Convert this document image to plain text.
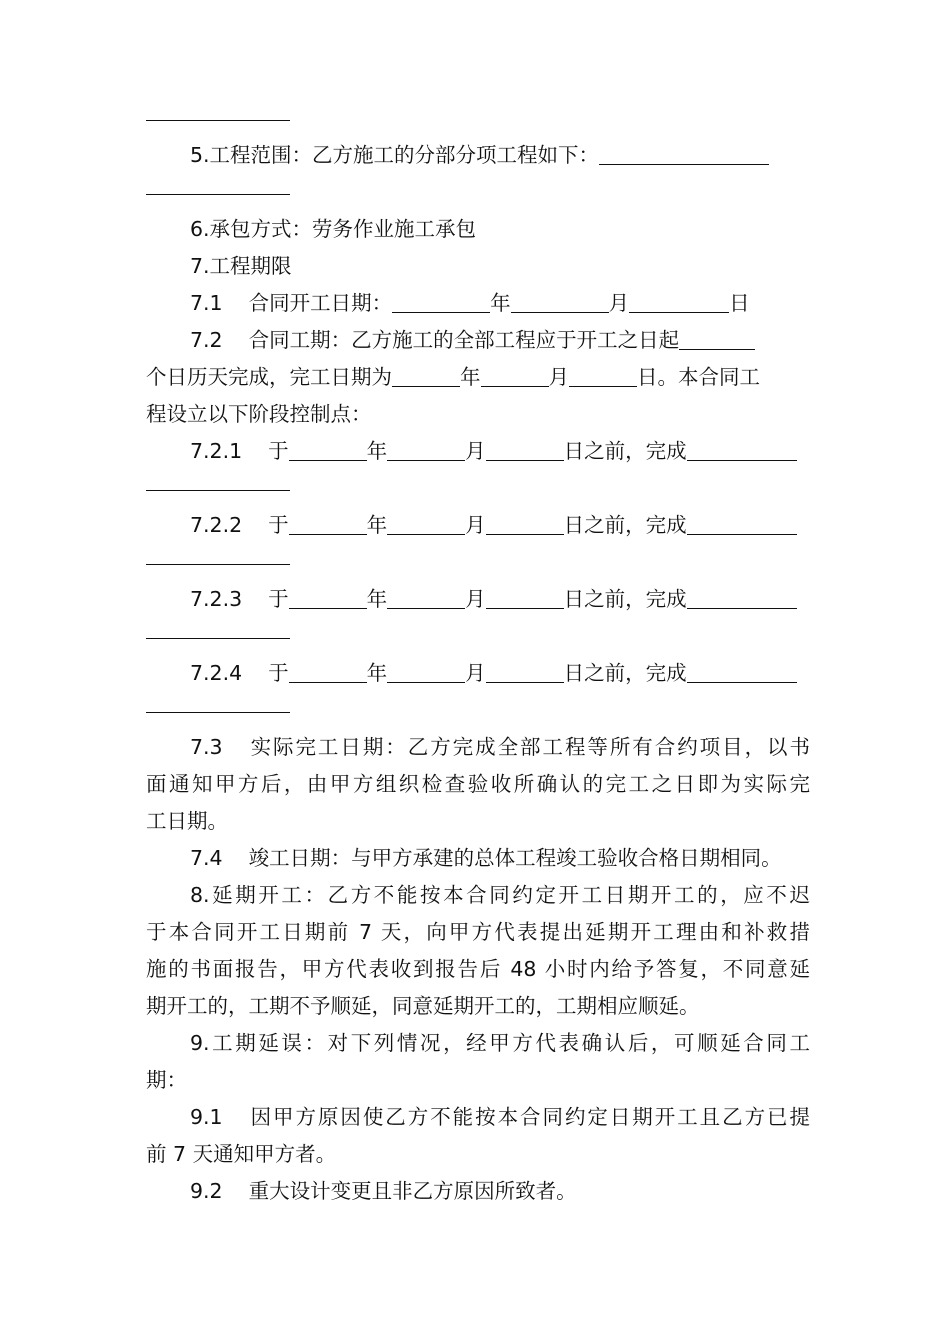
5.工程范围：乙方施工的分部分项工程如下：
6.承包方式：劳务作业施工承包
7.工程期限
7.1 合同开工日期：	年	月	日
7.2 合同工期：乙方施工的全部工程应于开工之日起
个日历天完成，完工日期为	年	月	日。本合同工
程设立以下阶段控制点：
7.2.1 于	年	月	日之前，完成
7.2.2 于	年	月	日之前，完成
7.2.3 于	年	月	日之前，完成
7.2.4 于	年	月	日之前，完成
7.3 实际完工日期：乙方完成全部工程等所有合约项目，以书
面通知甲方后，由甲方组织检查验收所确认的完工之日即为实际完
工日期。
7.4 竣工日期：与甲方承建的总体工程竣工验收合格日期相同。
8.延期开工：乙方不能按本合同约定开工日期开工的，应不迟
于本合同开工日期前 7 天，向甲方代表提出延期开工理由和补救措
施的书面报告，甲方代表收到报告后 48 小时内给予答复，不同意延
期开工的，工期不予顺延，同意延期开工的，工期相应顺延。
9.工期延误：对下列情况，经甲方代表确认后，可顺延合同工
期：
9.1 因甲方原因使乙方不能按本合同约定日期开工且乙方已提
前 7 天通知甲方者。
9.2 重大设计变更且非乙方原因所致者。
